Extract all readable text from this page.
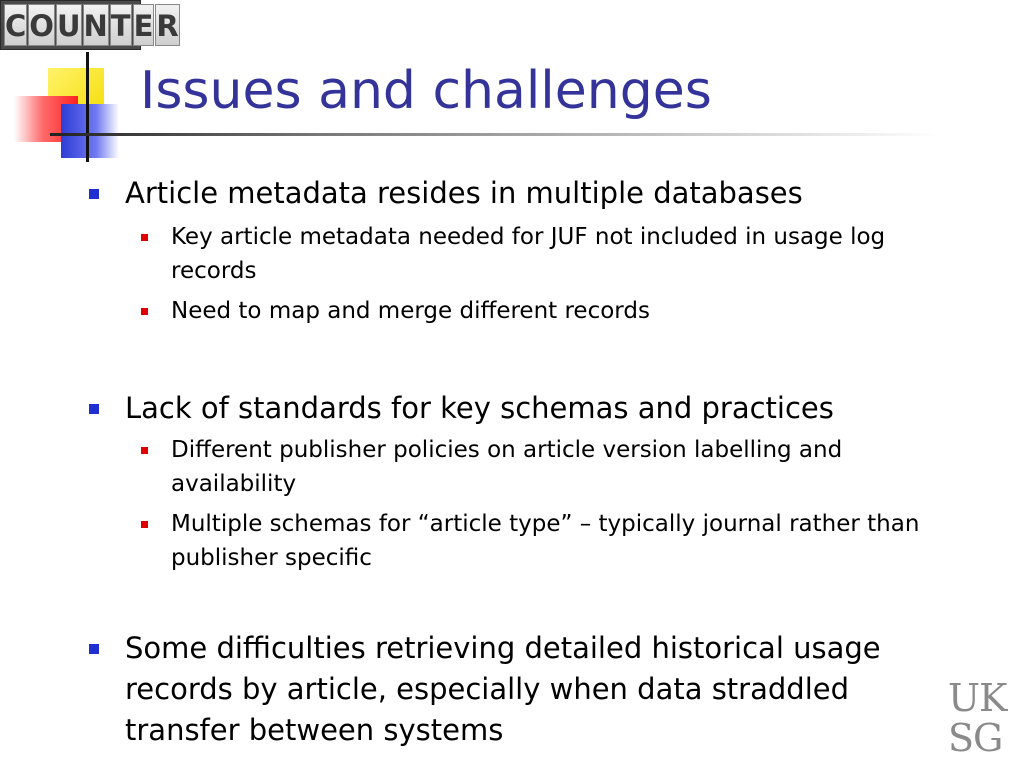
C O U N T E R
Issues and challenges
Article metadata resides in multiple databases
Key article metadata needed for JUF not included in usage log records
Need to map and merge different records
Lack of standards for key schemas and practices
Different publisher policies on article version labelling and availability
Multiple schemas for “article type” – typically journal rather than publisher specific
Some difficulties retrieving detailed historical usage records by article, especially when data straddled transfer between systems
UK
SG
